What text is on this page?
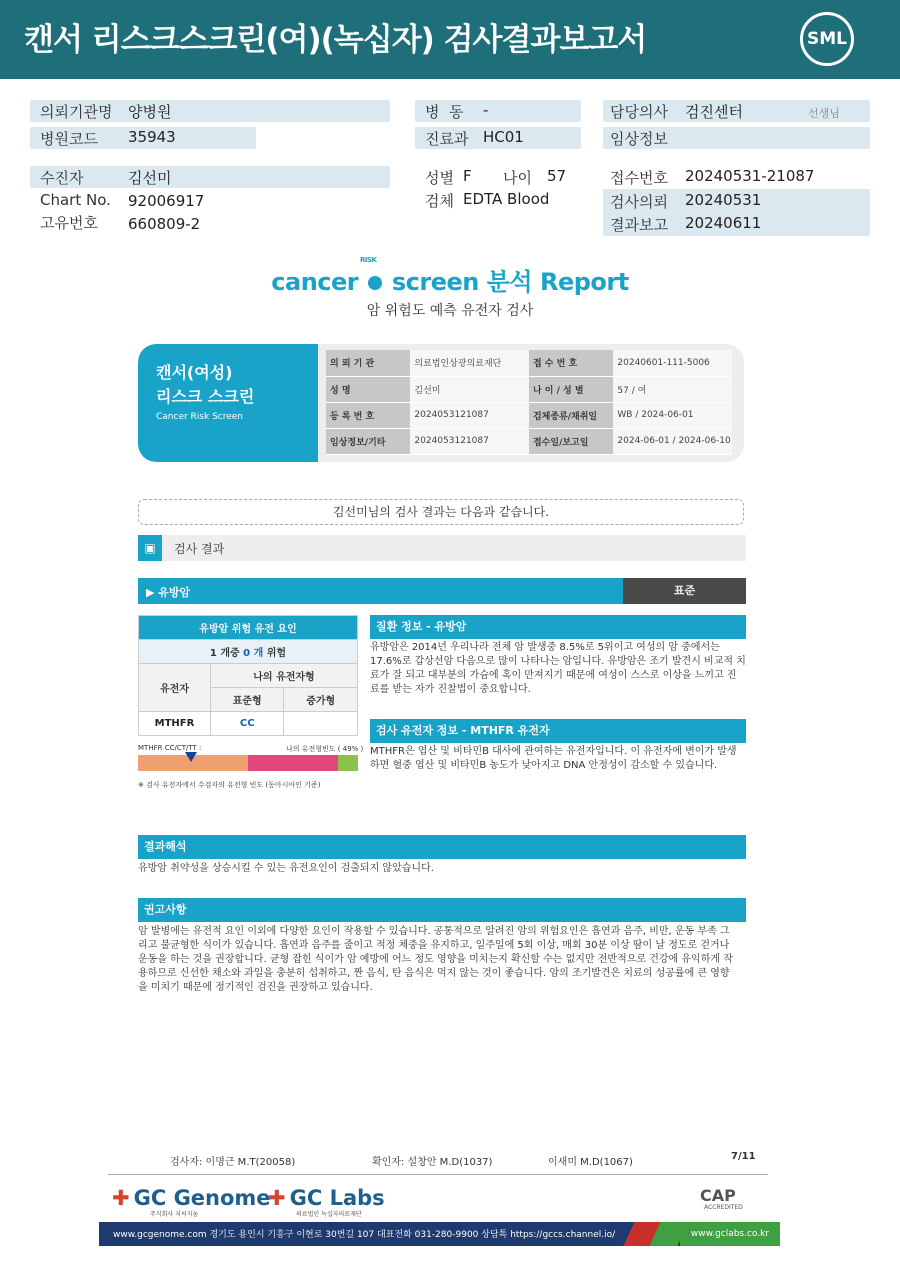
캔서 리스크스크린(여)(녹십자) 검사결과보고서	SML
의뢰기관명 양병원
병원코드 35943
병  동 -
진료과 HC01
담당의사 검진센터	선생님
임상정보
수진자	김선미
Chart No. 92006917
고유번호 660809-2
성별 F 나이 57
검체 EDTA Blood
접수번호 20240531-21087
검사의뢰 20240531
결과보고 20240611
cancer screen 분석 Report
RISK
암 위험도 예측 유전자 검사
캔서(여성)
리스크 스크린
Cancer Risk Screen
의 뢰 기 관	의료법인상광의료재단	접 수 번 호	20240601-111-5006
성 명	김선미	나 이 / 성 별	57 / 여
등 록 번 호	2024053121087	검체종류/채취일	WB / 2024-06-01
임상정보/기타	2024053121087	접수일/보고일	2024-06-01 / 2024-06-10
김선미님의 검사 결과는 다음과 같습니다.
▣	검사 결과
▶ 유방암	표준
유방암 위험 유전 요인		
1 개중 0 개 위험		
유전자	나의 유전자형	
	표준형	증가형
MTHFR	CC	
MTHFR CC/CT/TT :	나의 유전형빈도 ( 49% )
※ 검사 유전자에서 수검자의 유전형 빈도 (동아시아인 기준)
질환 정보 - 유방암
유방암은 2014년 우리나라 전체 암 발생중 8.5%로 5위이고 여성의 암 중에서는 17.6%로 갑상선암 다음으로 많이 나타나는 암입니다. 유방암은 조기 발견시 비교적 치료가 잘 되고 대부분의 가슴에 혹이 만져지기 때문에 여성이 스스로 이상을 느끼고 진료를 받는 자가 진찰법이 중요합니다.
검사 유전자 정보 - MTHFR 유전자
MTHFR은 엽산 및 비타민B 대사에 관여하는 유전자입니다. 이 유전자에 변이가 발생하면 혈중 엽산 및 비타민B 농도가 낮아지고 DNA 안정성이 감소할 수 있습니다.
결과해석
유방암 취약성을 상승시킬 수 있는 유전요인이 검출되지 않았습니다.
권고사항
암 발병에는 유전적 요인 이외에 다양한 요인이 작용할 수 있습니다. 공통적으로 알려진 암의 위험요인은 흡연과 음주, 비만, 운동 부족 그리고 불균형한 식이가 있습니다. 흡연과 음주를 줄이고 적정 체중을 유지하고, 일주일에 5회 이상, 매회 30분 이상 땀이 날 정도로 걷거나 운동을 하는 것을 권장합니다. 균형 잡힌 식이가 암 예방에 어느 정도 영향을 미치는지 확신할 수는 없지만 전반적으로 건강에 유익하게 작용하므로 신선한 채소와 과일을 충분히 섭취하고, 짠 음식, 탄 음식은 먹지 않는 것이 좋습니다. 암의 조기발견은 치료의 성공률에 큰 영향을 미치기 때문에 정기적인 검진을 권장하고 있습니다.
검사자: 이명근 M.T(20058)	확인자: 설창안 M.D(1037)	이새미 M.D(1067)
7/11
✚ GC Genome
주식회사 지씨지놈
✚ GC Labs
의료법인 녹십자의료재단
CAP
ACCREDITED
www.gcgenome.com 경기도 용인시 기흥구 이현로 30번길 107 대표전화 031-280-9900 상담톡 https://gccs.channel.io/	www.gclabs.co.kr
